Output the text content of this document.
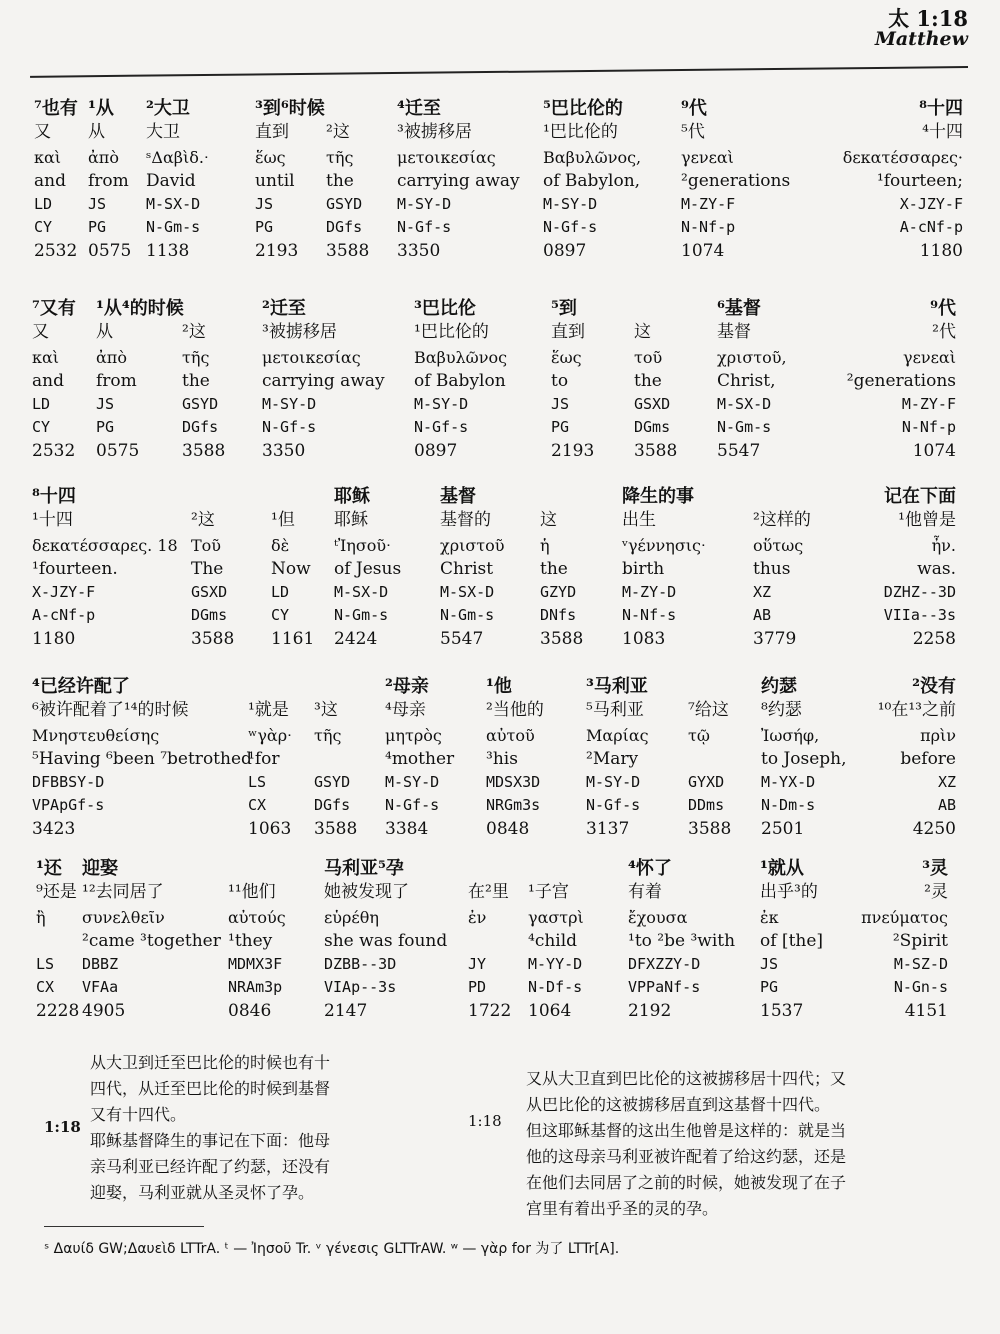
太 1:18
Matthew
⁷也有
又
καὶ
and
LD
CY
2532
¹从
从
ἀπὸ
from
JS
PG
0575
²大卫
大卫
ˢΔαβὶδ.ᐧ
David
M-SX-D
N-Gm-s
1138
³到⁶时候
直到
ἕως
until
JS
PG
2193
²这
τῆς
the
GSYD
DGfs
3588
⁴迁至
³被掳移居
μετοικεσίας
carrying away
M-SY-D
N-Gf-s
3350
⁵巴比伦的
¹巴比伦的
Βαβυλῶνος,
of Babylon,
M-SY-D
N-Gf-s
0897
⁹代
⁵代
γενεαὶ
²generations
M-ZY-F
N-Nf-p
1074
⁸十四
⁴十四
δεκατέσσαρες·
¹fourteen;
X-JZY-F
A-cNf-p
1180
⁷又有
又
καὶ
and
LD
CY
2532
¹从⁴的时候
从
ἀπὸ
from
JS
PG
0575
²这
τῆς
the
GSYD
DGfs
3588
²迁至
³被掳移居
μετοικεσίας
carrying away
M-SY-D
N-Gf-s
3350
³巴比伦
¹巴比伦的
Βαβυλῶνος
of Babylon
M-SY-D
N-Gf-s
0897
⁵到
直到
ἕως
to
JS
PG
2193
这
τοῦ
the
GSXD
DGms
3588
⁶基督
基督
χριστοῦ,
Christ,
M-SX-D
N-Gm-s
5547
⁹代
²代
γενεαὶ
²generations
M-ZY-F
N-Nf-p
1074
⁸十四
¹十四
δεκατέσσαρες. 18
¹fourteen.
X-JZY-F
A-cNf-p
1180
²这
Τοῦ
The
GSXD
DGms
3588
¹但
δὲ
Now
LD
CY
1161
耶稣
耶稣
ᵗἸησοῦᐧ
of Jesus
M-SX-D
N-Gm-s
2424
基督
基督的
χριστοῦ
Christ
M-SX-D
N-Gm-s
5547
这
ἡ
the
GZYD
DNfs
3588
降生的事
出生
ᵛγέννησιςᐧ
birth
M-ZY-D
N-Nf-s
1083
²这样的
οὕτως
thus
XZ
AB
3779
记在下面
¹他曾是
ἦν.
was.
DZHZ--3D
VIIa--3s
2258
⁴已经许配了
⁶被许配着了¹⁴的时候
Μνηστευθείσης
⁵Having ⁶been ⁷betrothed
DFBBSY-D
VPApGf-s
3423
¹就是
ʷγὰρᐧ
¹for
LS
CX
1063
³这
τῆς
GSYD
DGfs
3588
²母亲
⁴母亲
μητρὸς
⁴mother
M-SY-D
N-Gf-s
3384
¹他
²当他的
αὐτοῦ
³his
MDSX3D
NRGm3s
0848
³马利亚
⁵马利亚
Μαρίας
²Mary
M-SY-D
N-Gf-s
3137
⁷给这
τῷ
GYXD
DDms
3588
约瑟
⁸约瑟
Ἰωσήφ,
to Joseph,
M-YX-D
N-Dm-s
2501
²没有
¹⁰在¹³之前
πρὶν
before
XZ
AB
4250
¹还
⁹还是
ἢ
LS
CX
2228
迎娶
¹²去同居了
συνελθεῖν
²came ³together
DBBZ
VFAa
4905
¹¹他们
αὐτούς
¹they
MDMX3F
NRAm3p
0846
马利亚⁵孕
她被发现了
εὑρέθη
she was found
DZBB--3D
VIAp--3s
2147
在²里
ἐν
JY
PD
1722
¹子宫
γαστρὶ
⁴child
M-YY-D
N-Df-s
1064
⁴怀了
有着
ἔχουσα
¹to ²be ³with
DFXZZY-D
VPPaNf-s
2192
¹就从
出乎³的
ἐκ
of [the]
JS
PG
1537
³灵
²灵
πνεύματος
²Spirit
M-SZ-D
N-Gn-s
4151
1:18
从大卫到迁至巴比伦的时候也有十
四代，从迁至巴比伦的时候到基督
又有十四代。
耶稣基督降生的事记在下面：他母
亲马利亚已经许配了约瑟，还没有
迎娶，马利亚就从圣灵怀了孕。
1:18
又从大卫直到巴比伦的这被掳移居十四代；又
从巴比伦的这被掳移居直到这基督十四代。
但这耶稣基督的这出生他曾是这样的：就是当
他的这母亲马利亚被许配着了给这约瑟，还是
在他们去同居了之前的时候，她被发现了在子
宫里有着出乎圣的灵的孕。
ˢ Δαυίδ GW;Δαυεὶδ LTTrA. ᵗ — Ἰησοῦ Tr. ᵛ γένεσις GLTTrAW. ʷ — γὰρ for 为了 LTTr[A].
